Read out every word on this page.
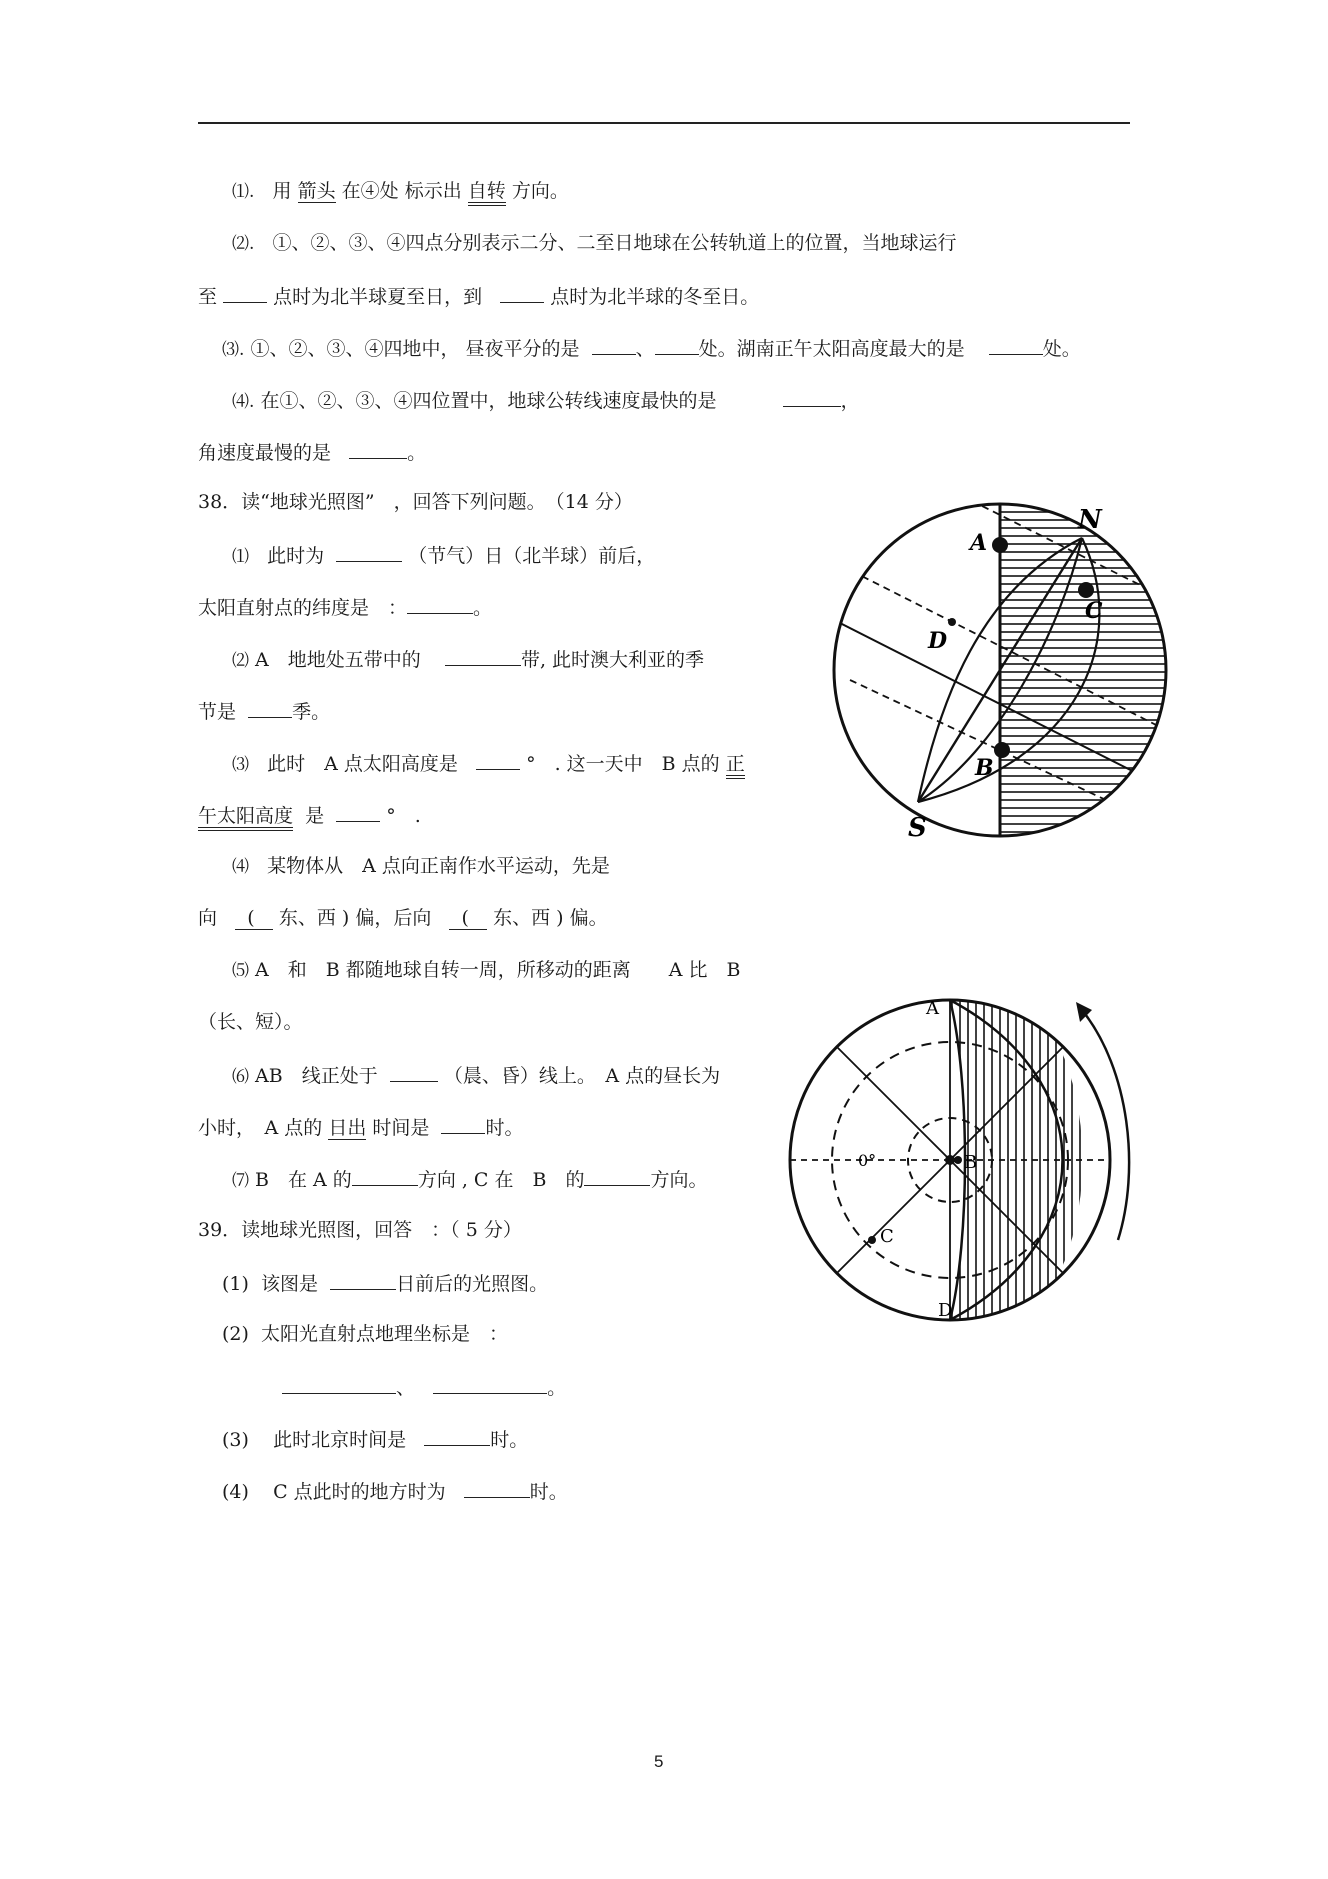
⑴. 用 箭头 在④处 标示出 自转 方向。
⑵. ①、②、③、④四点分别表示二分、二至日地球在公转轨道上的位置，当地球运行
至	点时为北半球夏至日，到	点时为北半球的冬至日。
⑶. ①、②、③、④四地中， 昼夜平分的是	、 处。湖南正午太阳高度最大的是	处。
⑷. 在①、②、③、④四位置中，地球公转线速度最快的是	，
角速度最慢的是	。
38．读“地球光照图”　，回答下列问题。　（14 分）
⑴ 此时为	（节气）日（北半球）前后，
太阳直射点的纬度是　：	。
⑵ A　地地处五带中的	带, 此时澳大利亚的季
节是	季。
⑶ 此时　A 点太阳高度是	°　. 这一天中　B 点的 正
午太阳高度 是	°　.
⑷ 某物体从　A 点向正南作水平运动，先是
向 ( 东、西 ) 偏，后向 ( 东、西 ) 偏。
⑸ A　和　B 都随地球自转一周，所移动的距离　　A 比　B
（长、短）。
⑹ AB　线正处于	（晨、昏）线上。　A 点的昼长为
小时，　A 点的 日出 时间是	时。
⑺ B　在 A 的	方向 , C 在　B　的	方向。
39．读地球光照图，回答　：（ 5 分）
(1) 该图是	日前后的光照图。
(2) 太阳光直射点地理坐标是　：
、	。
(3) 此时北京时间是	时。
(4) C 点此时的地方时为	时。
N
A
C
D
B
S
A
B
C
D
0°
5
